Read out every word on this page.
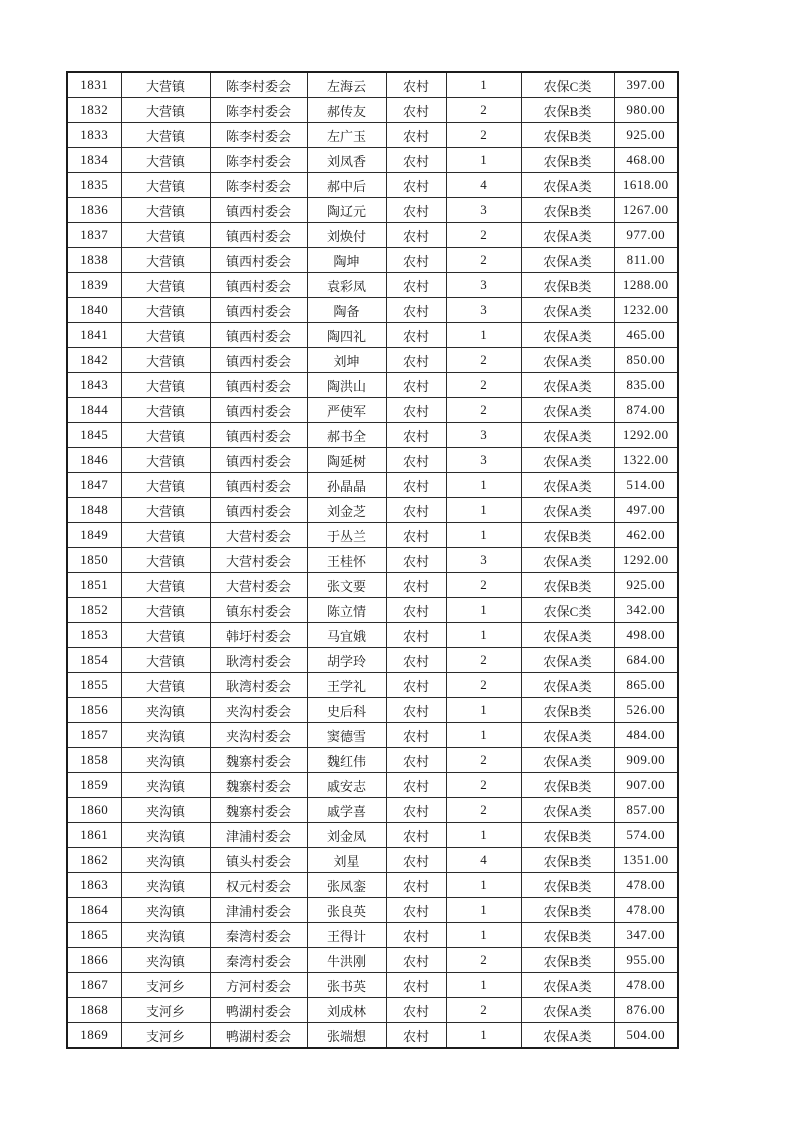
1831	大营镇	陈李村委会	左海云	农村	1	农保C类	397.00
1832	大营镇	陈李村委会	郝传友	农村	2	农保B类	980.00
1833	大营镇	陈李村委会	左广玉	农村	2	农保B类	925.00
1834	大营镇	陈李村委会	刘凤香	农村	1	农保B类	468.00
1835	大营镇	陈李村委会	郝中后	农村	4	农保A类	1618.00
1836	大营镇	镇西村委会	陶辽元	农村	3	农保B类	1267.00
1837	大营镇	镇西村委会	刘焕付	农村	2	农保A类	977.00
1838	大营镇	镇西村委会	陶坤	农村	2	农保A类	811.00
1839	大营镇	镇西村委会	袁彩凤	农村	3	农保B类	1288.00
1840	大营镇	镇西村委会	陶备	农村	3	农保A类	1232.00
1841	大营镇	镇西村委会	陶四礼	农村	1	农保A类	465.00
1842	大营镇	镇西村委会	刘坤	农村	2	农保A类	850.00
1843	大营镇	镇西村委会	陶洪山	农村	2	农保A类	835.00
1844	大营镇	镇西村委会	严使军	农村	2	农保A类	874.00
1845	大营镇	镇西村委会	郝书全	农村	3	农保A类	1292.00
1846	大营镇	镇西村委会	陶延树	农村	3	农保A类	1322.00
1847	大营镇	镇西村委会	孙晶晶	农村	1	农保A类	514.00
1848	大营镇	镇西村委会	刘金芝	农村	1	农保A类	497.00
1849	大营镇	大营村委会	于丛兰	农村	1	农保B类	462.00
1850	大营镇	大营村委会	王桂怀	农村	3	农保A类	1292.00
1851	大营镇	大营村委会	张文要	农村	2	农保B类	925.00
1852	大营镇	镇东村委会	陈立情	农村	1	农保C类	342.00
1853	大营镇	韩圩村委会	马宜娥	农村	1	农保A类	498.00
1854	大营镇	耿湾村委会	胡学玲	农村	2	农保A类	684.00
1855	大营镇	耿湾村委会	王学礼	农村	2	农保A类	865.00
1856	夹沟镇	夹沟村委会	史后科	农村	1	农保B类	526.00
1857	夹沟镇	夹沟村委会	窦德雪	农村	1	农保A类	484.00
1858	夹沟镇	魏寨村委会	魏红伟	农村	2	农保A类	909.00
1859	夹沟镇	魏寨村委会	戚安志	农村	2	农保B类	907.00
1860	夹沟镇	魏寨村委会	戚学喜	农村	2	农保A类	857.00
1861	夹沟镇	津浦村委会	刘金凤	农村	1	农保B类	574.00
1862	夹沟镇	镇头村委会	刘星	农村	4	农保B类	1351.00
1863	夹沟镇	权元村委会	张凤銮	农村	1	农保B类	478.00
1864	夹沟镇	津浦村委会	张良英	农村	1	农保B类	478.00
1865	夹沟镇	秦湾村委会	王得计	农村	1	农保B类	347.00
1866	夹沟镇	秦湾村委会	牛洪刚	农村	2	农保B类	955.00
1867	支河乡	方河村委会	张书英	农村	1	农保A类	478.00
1868	支河乡	鸭湖村委会	刘成林	农村	2	农保A类	876.00
1869	支河乡	鸭湖村委会	张端想	农村	1	农保A类	504.00
